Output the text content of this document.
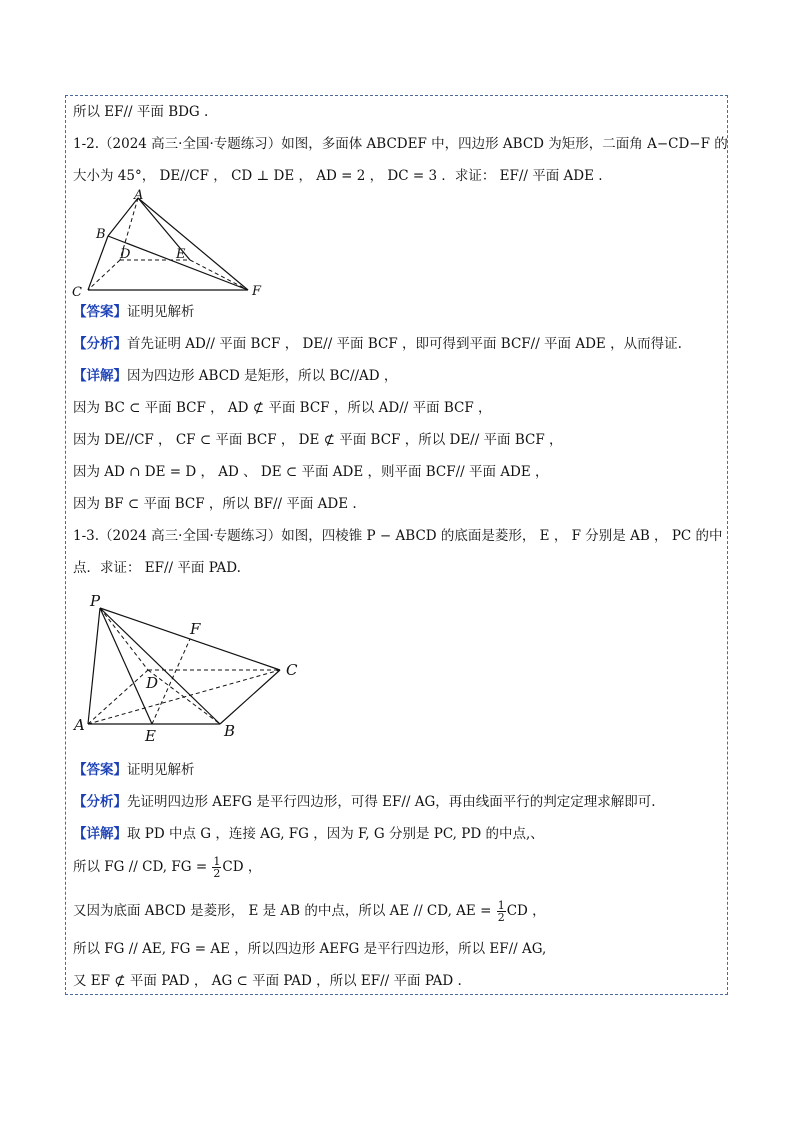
所以 EF// 平面 BDG .
1-2.（2024 高三·全国·专题练习）如图，多面体 ABCDEF 中，四边形 ABCD 为矩形，二面角 A−CD−F 的
大小为 45°， DE//CF ， CD ⊥ DE ， AD = 2 ， DC = 3 ．求证： EF// 平面 ADE .
A
B
C
D	E
F
【答案】证明见解析
【分析】首先证明 AD// 平面 BCF ， DE// 平面 BCF ，即可得到平面 BCF// 平面 ADE ，从而得证.
【详解】因为四边形 ABCD 是矩形，所以 BC//AD ，
因为 BC ⊂ 平面 BCF ， AD ⊄ 平面 BCF ，所以 AD// 平面 BCF ，
因为 DE//CF ， CF ⊂ 平面 BCF ， DE ⊄ 平面 BCF ，所以 DE// 平面 BCF ，
因为 AD ∩ DE = D ， AD 、 DE ⊂ 平面 ADE ，则平面 BCF// 平面 ADE ，
因为 BF ⊂ 平面 BCF ，所以 BF// 平面 ADE .
1-3.（2024 高三·全国·专题练习）如图，四棱锥 P − ABCD 的底面是菱形， E ， F 分别是 AB ， PC 的中
点．求证： EF// 平面 PAD.
P
A	B
C
D
E
F
【答案】证明见解析
【分析】先证明四边形 AEFG 是平行四边形，可得 EF// AG，再由线面平行的判定定理求解即可.
【详解】取 PD 中点 G ，连接 AG, FG ，因为 F, G 分别是 PC, PD 的中点,、
所以 FG // CD, FG = $\frac{1}{2}$ CD ，
又因为底面 ABCD 是菱形， E 是 AB 的中点，所以 AE // CD, AE = $\frac{1}{2}$ CD ，
所以 FG // AE, FG = AE ，所以四边形 AEFG 是平行四边形，所以 EF// AG,
又 EF ⊄ 平面 PAD ， AG ⊂ 平面 PAD ，所以 EF// 平面 PAD .
